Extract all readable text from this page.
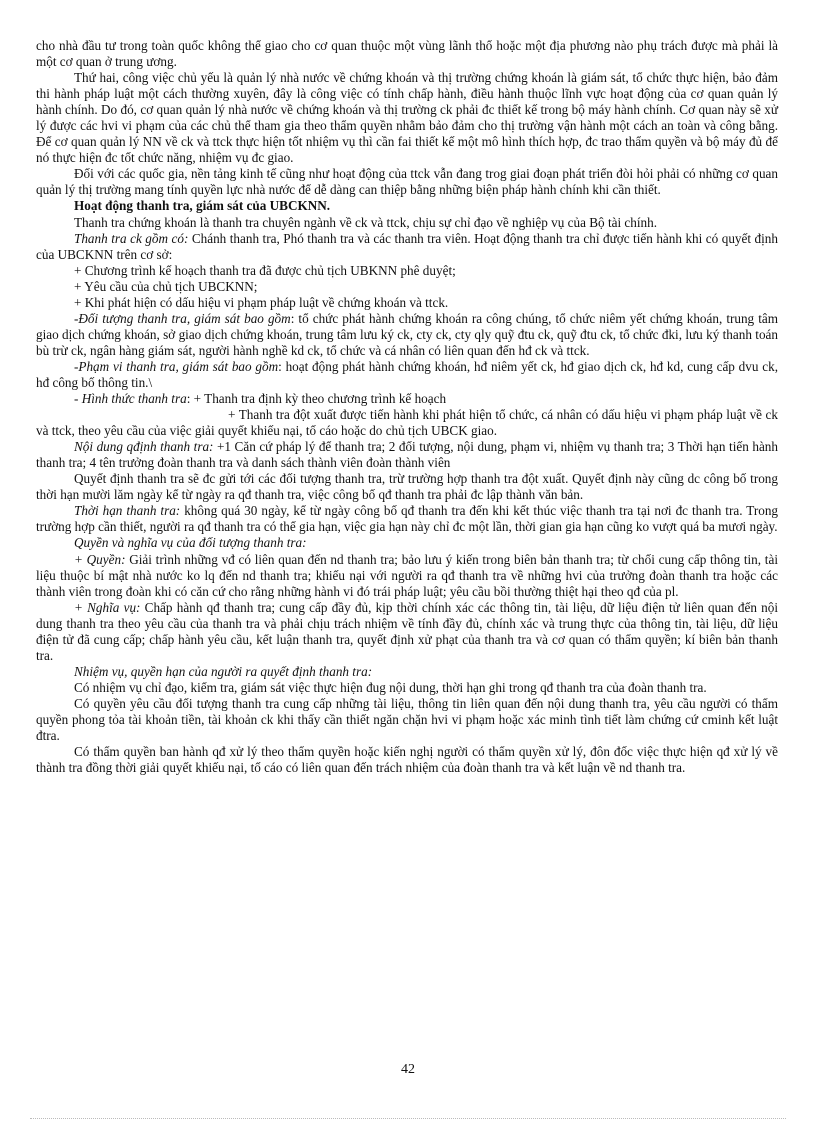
cho nhà đầu tư trong toàn quốc không thể giao cho cơ quan thuộc một vùng lãnh thổ hoặc một địa phương nào phụ trách được mà phải là một cơ quan ở trung ương.

Thứ hai, công việc chủ yếu là quản lý nhà nước về chứng khoán và thị trường chứng khoán là giám sát, tổ chức thực hiện, bảo đảm thi hành pháp luật một cách thường xuyên, đây là công việc có tính chấp hành, điều hành thuộc lĩnh vực hoạt động của cơ quan quản lý hành chính. Do đó, cơ quan quản lý nhà nước về chứng khoán và thị trường ck phải đc thiết kế trong bộ máy hành chính. Cơ quan này sẽ xử lý được các hvi vi phạm của các chủ thể tham gia theo thẩm quyền nhằm bảo đảm cho thị trường vận hành một cách an toàn và công bằng. Để cơ quan quản lý NN về ck và ttck thực hiện tốt nhiệm vụ thì cần fai thiết kế một mô hình thích hợp, đc trao thẩm quyền và bộ máy đủ để nó thực hiện đc tốt chức năng, nhiệm vụ đc giao.

Đối với các quốc gia, nền tảng kinh tế cũng như hoạt động của ttck vẫn đang trog giai đoạn phát triển đòi hỏi phải có những cơ quan quản lý thị trường mang tính quyền lực nhà nước để dễ dàng can thiệp bằng những biện pháp hành chính khi cần thiết.

Hoạt động thanh tra, giám sát của UBCKNN.

Thanh tra chứng khoán là thanh tra chuyên ngành về ck và ttck, chịu sự chỉ đạo về nghiệp vụ của Bộ tài chính.

Thanh tra ck gồm có: Chánh thanh tra, Phó thanh tra và các thanh tra viên. Hoạt động thanh tra chỉ được tiến hành khi có quyết định của UBCKNN trên cơ sở:

+ Chương trình kế hoạch thanh tra đã được chủ tịch UBKNN phê duyệt;

+ Yêu cầu của chủ tịch UBCKNN;

+ Khi phát hiện có dấu hiệu vi phạm pháp luật về chứng khoán và ttck.

-Đối tượng thanh tra, giám sát bao gồm: tổ chức phát hành chứng khoán ra công chúng, tổ chức niêm yết chứng khoán, trung tâm giao dịch chứng khoán, sở giao dịch chứng khoán, trung tâm lưu ký ck, cty ck, cty qly quỹ đtu ck, quỹ đtu ck, tổ chức đki, lưu ký thanh toán bù trừ ck, ngân hàng giám sát, người hành nghề kd ck, tổ chức và cá nhân có liên quan đến hđ ck và ttck.

-Phạm vi thanh tra, giám sát bao gồm: hoạt động phát hành chứng khoán, hđ niêm yết ck, hđ giao dịch ck, hđ kd, cung cấp dvu ck, hđ công bố thông tin.\

- Hình thức thanh tra: + Thanh tra định kỳ theo chương trình kế hoạch

+ Thanh tra đột xuất được tiến hành khi phát hiện tổ chức, cá nhân có dấu hiệu vi phạm pháp luật về ck và ttck, theo yêu cầu của việc giải quyết khiếu nại, tố cáo hoặc do chủ tịch UBCK giao.

Nội dung qđịnh thanh tra: +1 Căn cứ pháp lý để thanh tra; 2 đối tượng, nội dung, phạm vi, nhiệm vụ thanh tra; 3 Thời hạn tiến hành thanh tra; 4 tên trưởng đoàn thanh tra và danh sách thành viên đoàn thành viên

Quyết định thanh tra sẽ đc gửi tới các đối tượng thanh tra, trừ trường hợp thanh tra đột xuất. Quyết định này cũng dc công bố trong thời hạn mười lăm ngày kể từ ngày ra qđ thanh tra, việc công bố qđ thanh tra phải đc lập thành văn bản.

Thời hạn thanh tra: không quá 30 ngày, kể từ ngày công bố qđ thanh tra đến khi kết thúc việc thanh tra tại nơi đc thanh tra. Trong trường hợp cần thiết, người ra qđ thanh tra có thể gia hạn, việc gia hạn này chỉ đc một lần, thời gian gia hạn cũng ko vượt quá ba mươi ngày.

Quyền và nghĩa vụ của đối tượng thanh tra:

+ Quyền: Giải trình những vđ có liên quan đến nd thanh tra; bảo lưu ý kiến trong biên bản thanh tra; từ chối cung cấp thông tin, tài liệu thuộc bí mật nhà nước ko lq đến nd thanh tra; khiếu nại với người ra qđ thanh tra về những hvi của trưởng đoàn thanh tra hoặc các thành viên trong đoàn khi có căn cứ cho rằng những hành vi đó trái pháp luật; yêu cầu bồi thường thiệt hại theo qđ của pl.

+ Nghĩa vụ: Chấp hành qđ thanh tra; cung cấp đầy đủ, kịp thời chính xác các thông tin, tài liệu, dữ liệu điện tử liên quan đến nội dung thanh tra theo yêu cầu của thanh tra và phải chịu trách nhiệm về tính đầy đủ, chính xác và trung thực của thông tin, tài liệu, dữ liệu điện tử đã cung cấp; chấp hành yêu cầu, kết luận thanh tra, quyết định xử phạt của thanh tra và cơ quan có thẩm quyền; kí biên bản thanh tra.

Nhiệm vụ, quyền hạn của người ra quyết định thanh tra:

Có nhiệm vụ chỉ đạo, kiểm tra, giám sát việc thực hiện đug nội dung, thời hạn ghi trong qđ thanh tra của đoàn thanh tra.

Có quyền yêu cầu đối tượng thanh tra cung cấp những tài liệu, thông tin liên quan đến nội dung thanh tra, yêu cầu người có thẩm quyền phong tỏa tài khoản tiền, tài khoản ck khi thấy cần thiết ngăn chặn hvi vi phạm hoặc xác minh tình tiết làm chứng cứ cminh kết luật đtra.

Có thẩm quyền ban hành qđ xử lý theo thẩm quyền hoặc kiến nghị người có thẩm quyền xử lý, đôn đốc việc thực hiện qđ xử lý về thành tra đồng thời giải quyết khiếu nại, tố cáo có liên quan đến trách nhiệm của đoàn thanh tra và kết luận về nd thanh tra.

42
